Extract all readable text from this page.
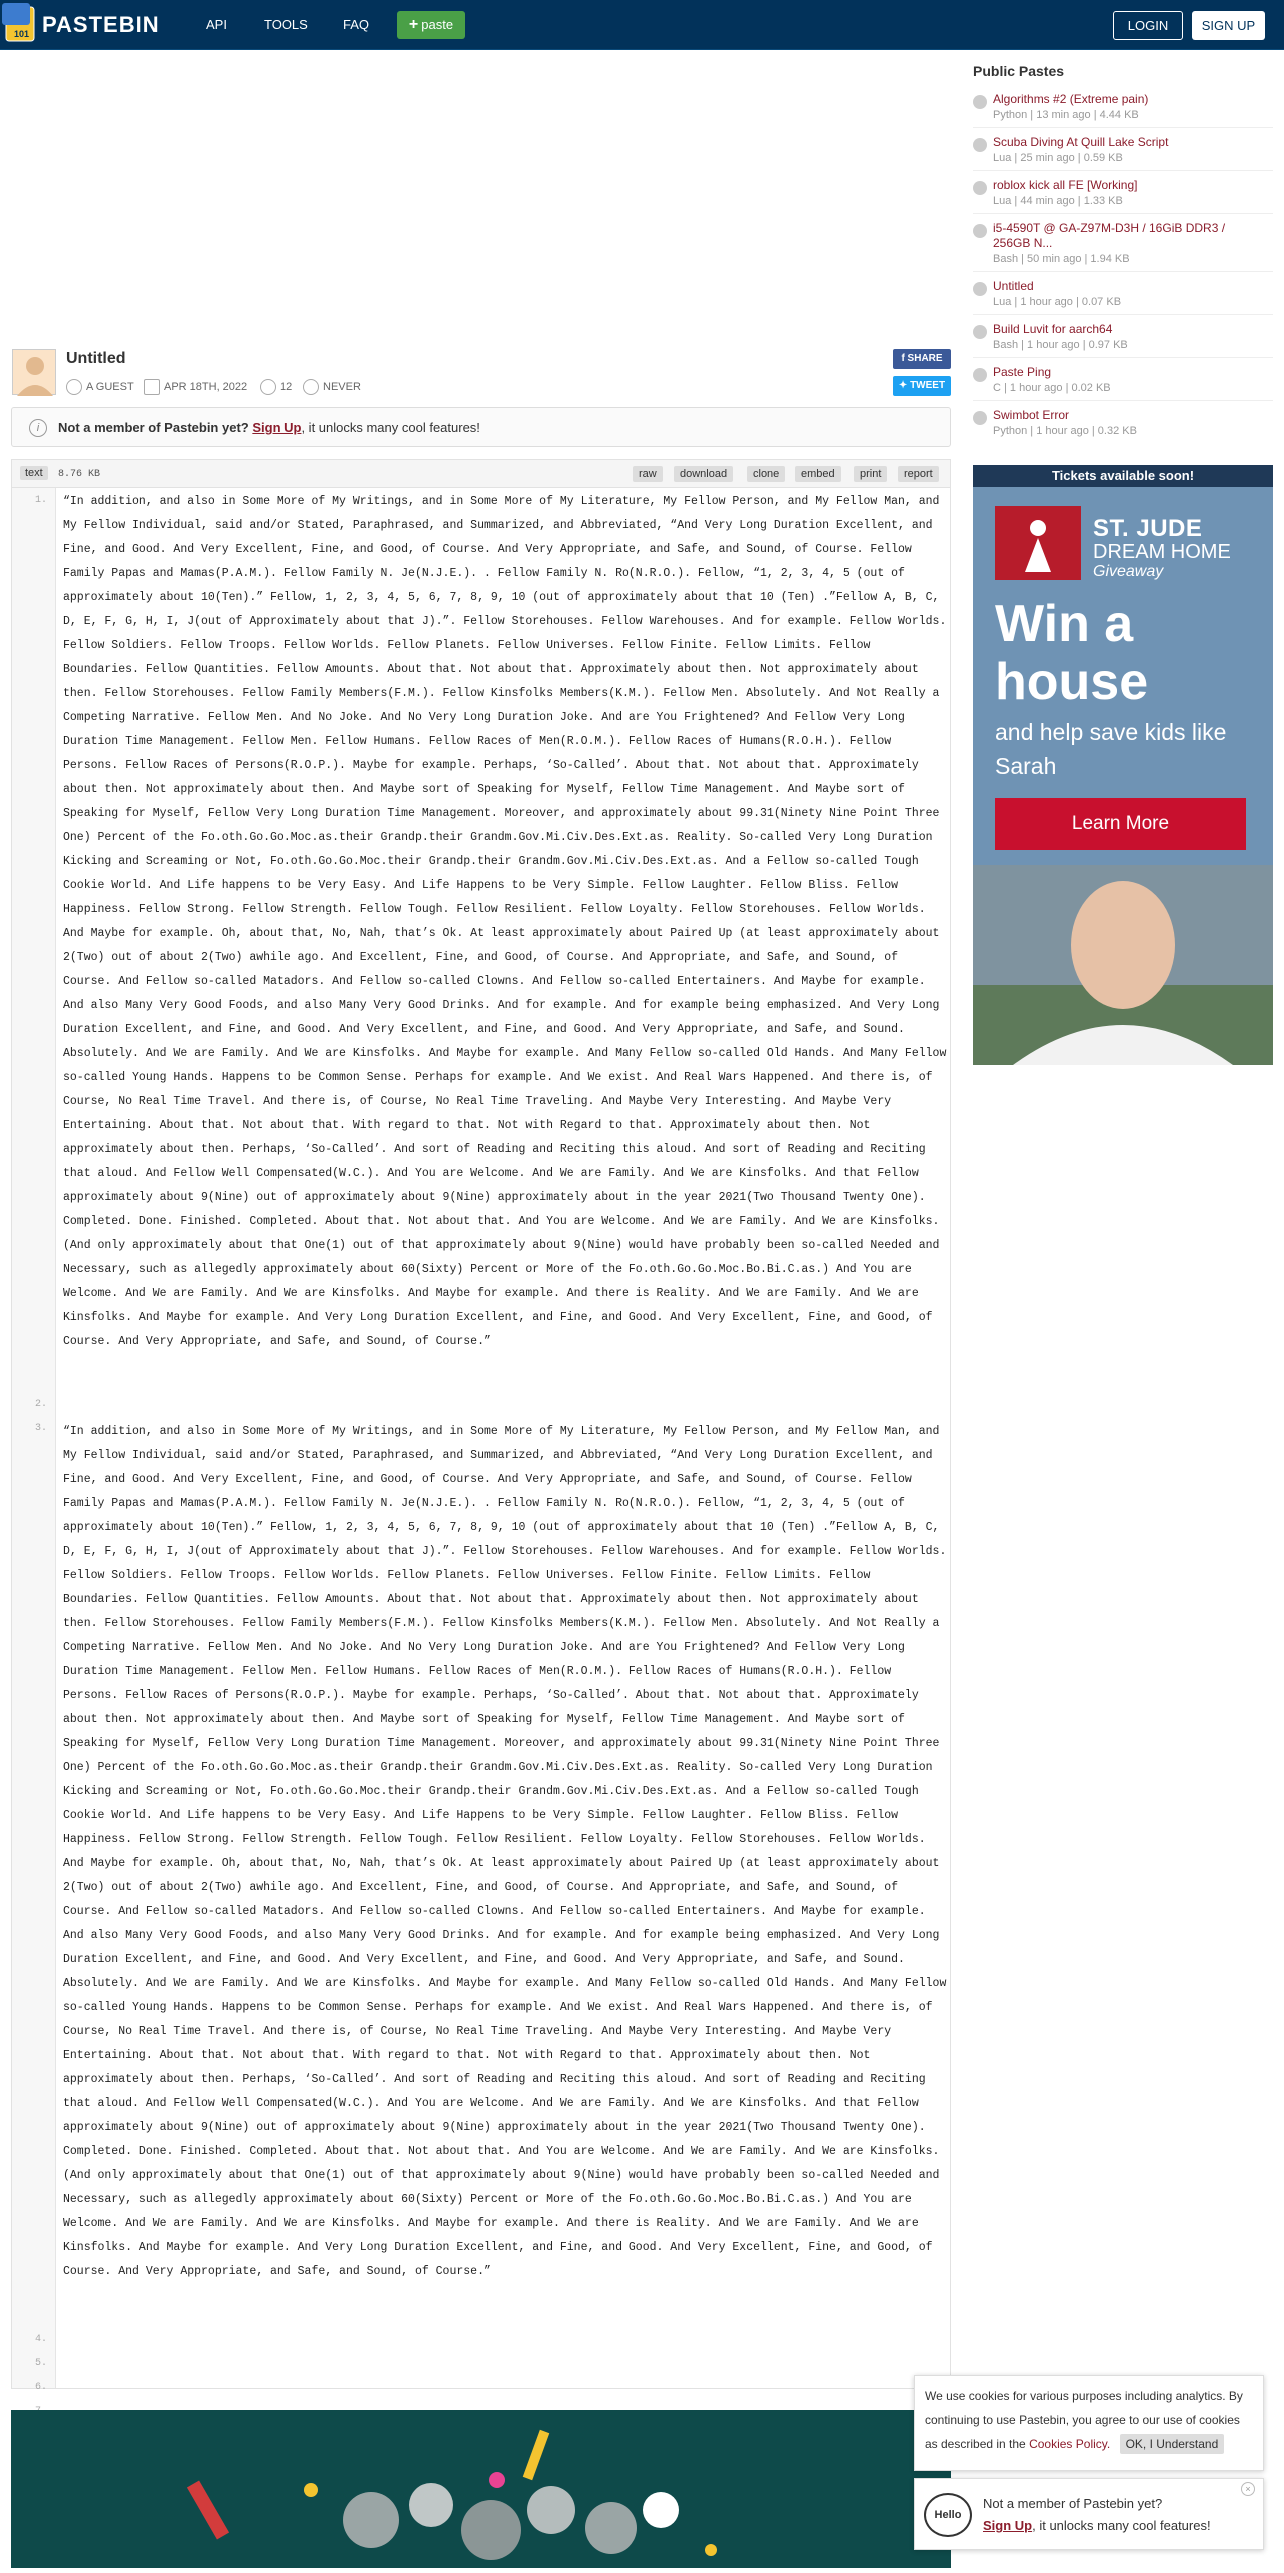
101 PASTEBIN	API	TOOLS	FAQ	+ paste	LOGIN	SIGN UP
Untitled
A GUEST	APR 18TH, 2022	12	NEVER
f SHARE
✦ TWEET
i	Not a member of Pastebin yet? Sign Up, it unlocks many cool features!
text	8.76 KB	raw	download	clone	embed	print	report
1.
2.
3.
4.
5.
6.
“In addition, and also in Some More of My Writings, and in Some More of My Literature, My Fellow Person, and My Fellow Man, and My Fellow Individual, said and/or Stated, Paraphrased, and Summarized, and Abbreviated, “And Very Long Duration Excellent, and Fine, and Good. And Very Excellent, Fine, and Good, of Course. And Very Appropriate, and Safe, and Sound, of Course. Fellow Family Papas and Mamas(P.A.M.). Fellow Family N. Je(N.J.E.). . Fellow Family N. Ro(N.R.O.). Fellow, “1, 2, 3, 4, 5 (out of approximately about 10(Ten).” Fellow, 1, 2, 3, 4, 5, 6, 7, 8, 9, 10 (out of approximately about that 10 (Ten) .”Fellow A, B, C, D, E, F, G, H, I, J(out of Approximately about that J).”. Fellow Storehouses. Fellow Warehouses. And for example. Fellow Worlds. Fellow Soldiers. Fellow Troops. Fellow Worlds. Fellow Planets. Fellow Universes. Fellow Finite. Fellow Limits. Fellow Boundaries. Fellow Quantities. Fellow Amounts. About that. Not about that. Approximately about then. Not approximately about then. Fellow Storehouses. Fellow Family Members(F.M.). Fellow Kinsfolks Members(K.M.). Fellow Men. Absolutely. And Not Really a Competing Narrative. Fellow Men. And No Joke. And No Very Long Duration Joke. And are You Frightened? And Fellow Very Long Duration Time Management. Fellow Men. Fellow Humans. Fellow Races of Men(R.O.M.). Fellow Races of Humans(R.O.H.). Fellow Persons. Fellow Races of Persons(R.O.P.). Maybe for example. Perhaps, ‘So-Called’. About that. Not about that. Approximately about then. Not approximately about then. And Maybe sort of Speaking for Myself, Fellow Time Management. And Maybe sort of Speaking for Myself, Fellow Very Long Duration Time Management. Moreover, and approximately about 99.31(Ninety Nine Point Three One) Percent of the Fo.oth.Go.Go.Moc.as.their Grandp.their Grandm.Gov.Mi.Civ.Des.Ext.as. Reality. So-called Very Long Duration Kicking and Screaming or Not, Fo.oth.Go.Go.Moc.their Grandp.their Grandm.Gov.Mi.Civ.Des.Ext.as. And a Fellow so-called Tough Cookie World. And Life happens to be Very Easy. And Life Happens to be Very Simple. Fellow Laughter. Fellow Bliss. Fellow Happiness. Fellow Strong. Fellow Strength. Fellow Tough. Fellow Resilient. Fellow Loyalty. Fellow Storehouses. Fellow Worlds. And Maybe for example. Oh, about that, No, Nah, that’s Ok. At least approximately about Paired Up (at least approximately about 2(Two) out of about 2(Two) awhile ago. And Excellent, Fine, and Good, of Course. And Appropriate, and Safe, and Sound, of Course. And Fellow so-called Matadors. And Fellow so-called Clowns. And Fellow so-called Entertainers. And Maybe for example. And also Many Very Good Foods, and also Many Very Good Drinks. And for example. And for example being emphasized. And Very Long Duration Excellent, and Fine, and Good. And Very Excellent, and Fine, and Good. And Very Appropriate, and Safe, and Sound. Absolutely. And We are Family. And We are Kinsfolks. And Maybe for example. And Many Fellow so-called Old Hands. And Many Fellow so-called Young Hands. Happens to be Common Sense. Perhaps for example. And We exist. And Real Wars Happened. And there is, of Course, No Real Time Travel. And there is, of Course, No Real Time Traveling. And Maybe Very Interesting. And Maybe Very Entertaining. About that. Not about that. With regard to that. Not with Regard to that. Approximately about then. Not approximately about then. Perhaps, ‘So-Called’. And sort of Reading and Reciting this aloud. And sort of Reading and Reciting that aloud. And Fellow Well Compensated(W.C.). And You are Welcome. And We are Family. And We are Kinsfolks. And that Fellow approximately about 9(Nine) out of approximately about 9(Nine) approximately about in the year 2021(Two Thousand Twenty One). Completed. Done. Finished. Completed. About that. Not about that. And You are Welcome. And We are Family. And We are Kinsfolks. (And only approximately about that One(1) out of that approximately about 9(Nine) would have probably been so-called Needed and Necessary, such as allegedly approximately about 60(Sixty) Percent or More of the Fo.oth.Go.Go.Moc.Bo.Bi.C.as.) And You are Welcome. And We are Family. And We are Kinsfolks. And Maybe for example. And there is Reality. And We are Family. And We are Kinsfolks. And Maybe for example. And Very Long Duration Excellent, and Fine, and Good. And Very Excellent, Fine, and Good, of Course. And Very Appropriate, and Safe, and Sound, of Course.”
“In addition, and also in Some More of My Writings, and in Some More of My Literature, My Fellow Person, and My Fellow Man, and My Fellow Individual, said and/or Stated, Paraphrased, and Summarized, and Abbreviated, “And Very Long Duration Excellent, and Fine, and Good. And Very Excellent, Fine, and Good, of Course. And Very Appropriate, and Safe, and Sound, of Course. Fellow Family Papas and Mamas(P.A.M.). Fellow Family N. Je(N.J.E.). . Fellow Family N. Ro(N.R.O.). Fellow, “1, 2, 3, 4, 5 (out of approximately about 10(Ten).” Fellow, 1, 2, 3, 4, 5, 6, 7, 8, 9, 10 (out of approximately about that 10 (Ten) .”Fellow A, B, C, D, E, F, G, H, I, J(out of Approximately about that J).”. Fellow Storehouses. Fellow Warehouses. And for example. Fellow Worlds. Fellow Soldiers. Fellow Troops. Fellow Worlds. Fellow Planets. Fellow Universes. Fellow Finite. Fellow Limits. Fellow Boundaries. Fellow Quantities. Fellow Amounts. About that. Not about that. Approximately about then. Not approximately about then. Fellow Storehouses. Fellow Family Members(F.M.). Fellow Kinsfolks Members(K.M.). Fellow Men. Absolutely. And Not Really a Competing Narrative. Fellow Men. And No Joke. And No Very Long Duration Joke. And are You Frightened? And Fellow Very Long Duration Time Management. Fellow Men. Fellow Humans. Fellow Races of Men(R.O.M.). Fellow Races of Humans(R.O.H.). Fellow Persons. Fellow Races of Persons(R.O.P.). Maybe for example. Perhaps, ‘So-Called’. About that. Not about that. Approximately about then. Not approximately about then. And Maybe sort of Speaking for Myself, Fellow Time Management. And Maybe sort of Speaking for Myself, Fellow Very Long Duration Time Management. Moreover, and approximately about 99.31(Ninety Nine Point Three One) Percent of the Fo.oth.Go.Go.Moc.as.their Grandp.their Grandm.Gov.Mi.Civ.Des.Ext.as. Reality. So-called Very Long Duration Kicking and Screaming or Not, Fo.oth.Go.Go.Moc.their Grandp.their Grandm.Gov.Mi.Civ.Des.Ext.as. And a Fellow so-called Tough Cookie World. And Life happens to be Very Easy. And Life Happens to be Very Simple. Fellow Laughter. Fellow Bliss. Fellow Happiness. Fellow Strong. Fellow Strength. Fellow Tough. Fellow Resilient. Fellow Loyalty. Fellow Storehouses. Fellow Worlds. And Maybe for example. Oh, about that, No, Nah, that’s Ok. At least approximately about Paired Up (at least approximately about 2(Two) out of about 2(Two) awhile ago. And Excellent, Fine, and Good, of Course. And Appropriate, and Safe, and Sound, of Course. And Fellow so-called Matadors. And Fellow so-called Clowns. And Fellow so-called Entertainers. And Maybe for example. And also Many Very Good Foods, and also Many Very Good Drinks. And for example. And for example being emphasized. And Very Long Duration Excellent, and Fine, and Good. And Very Excellent, and Fine, and Good. And Very Appropriate, and Safe, and Sound. Absolutely. And We are Family. And We are Kinsfolks. And Maybe for example. And Many Fellow so-called Old Hands. And Many Fellow so-called Young Hands. Happens to be Common Sense. Perhaps for example. And We exist. And Real Wars Happened. And there is, of Course, No Real Time Travel. And there is, of Course, No Real Time Traveling. And Maybe Very Interesting. And Maybe Very Entertaining. About that. Not about that. With regard to that. Not with Regard to that. Approximately about then. Not approximately about then. Perhaps, ‘So-Called’. And sort of Reading and Reciting this aloud. And sort of Reading and Reciting that aloud. And Fellow Well Compensated(W.C.). And You are Welcome. And We are Family. And We are Kinsfolks. And that Fellow approximately about 9(Nine) out of approximately about 9(Nine) approximately about in the year 2021(Two Thousand Twenty One). Completed. Done. Finished. Completed. About that. Not about that. And You are Welcome. And We are Family. And We are Kinsfolks. (And only approximately about that One(1) out of that approximately about 9(Nine) would have probably been so-called Needed and Necessary, such as allegedly approximately about 60(Sixty) Percent or More of the Fo.oth.Go.Go.Moc.Bo.Bi.C.as.) And You are Welcome. And We are Family. And We are Kinsfolks. And Maybe for example. And there is Reality. And We are Family. And We are Kinsfolks. And Maybe for example. And Very Long Duration Excellent, and Fine, and Good. And Very Excellent, Fine, and Good, of Course. And Very Appropriate, and Safe, and Sound, of Course.”
Public Pastes
Algorithms #2 (Extreme pain)
Python | 13 min ago | 4.44 KB
Scuba Diving At Quill Lake Script
Lua | 25 min ago | 0.59 KB
roblox kick all FE [Working]
Lua | 44 min ago | 1.33 KB
i5-4590T @ GA-Z97M-D3H / 16GiB DDR3 / 256GB N...
Bash | 50 min ago | 1.94 KB
Untitled
Lua | 1 hour ago | 0.07 KB
Build Luvit for aarch64
Bash | 1 hour ago | 0.97 KB
Paste Ping
C | 1 hour ago | 0.02 KB
Swimbot Error
Python | 1 hour ago | 0.32 KB
Tickets available soon!
ST. JUDE
DREAM HOME
Giveaway
Win a house
and help save kids like Sarah
Learn More
We use cookies for various purposes including analytics. By continuing to use Pastebin, you agree to our use of cookies as described in the Cookies Policy. OK, I Understand
Hello
Not a member of Pastebin yet?
Sign Up, it unlocks many cool features!
×
